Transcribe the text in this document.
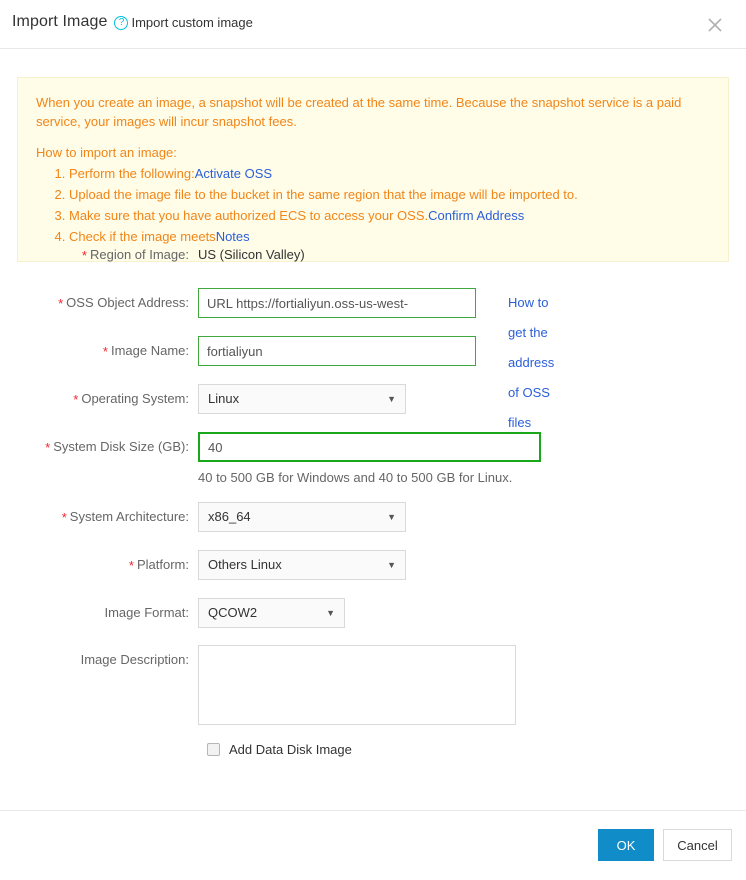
Import Image	? Import custom image

When you create an image, a snapshot will be created at the same time. Because the snapshot service is a paid service, your images will incur snapshot fees.

How to import an image:

1. Perform the following:Activate OSS
2. Upload the image file to the bucket in the same region that the image will be imported to.
3. Make sure that you have authorized ECS to access your OSS.Confirm Address
4. Check if the image meetsNotes
* Region of Image: US (Silicon Valley)
* OSS Object Address:
URL https://fortialiyun.oss-us-west-	How to get the address of OSS files
* Image Name:
fortialiyun
* Operating System:	Linux	▼
* System Disk Size (GB):
40
40 to 500 GB for Windows and 40 to 500 GB for Linux.
* System Architecture:	x86_64	▼
* Platform:	Others Linux	▼
Image Format:	QCOW2	▼
Image Description:
Add Data Disk Image
OK	Cancel
